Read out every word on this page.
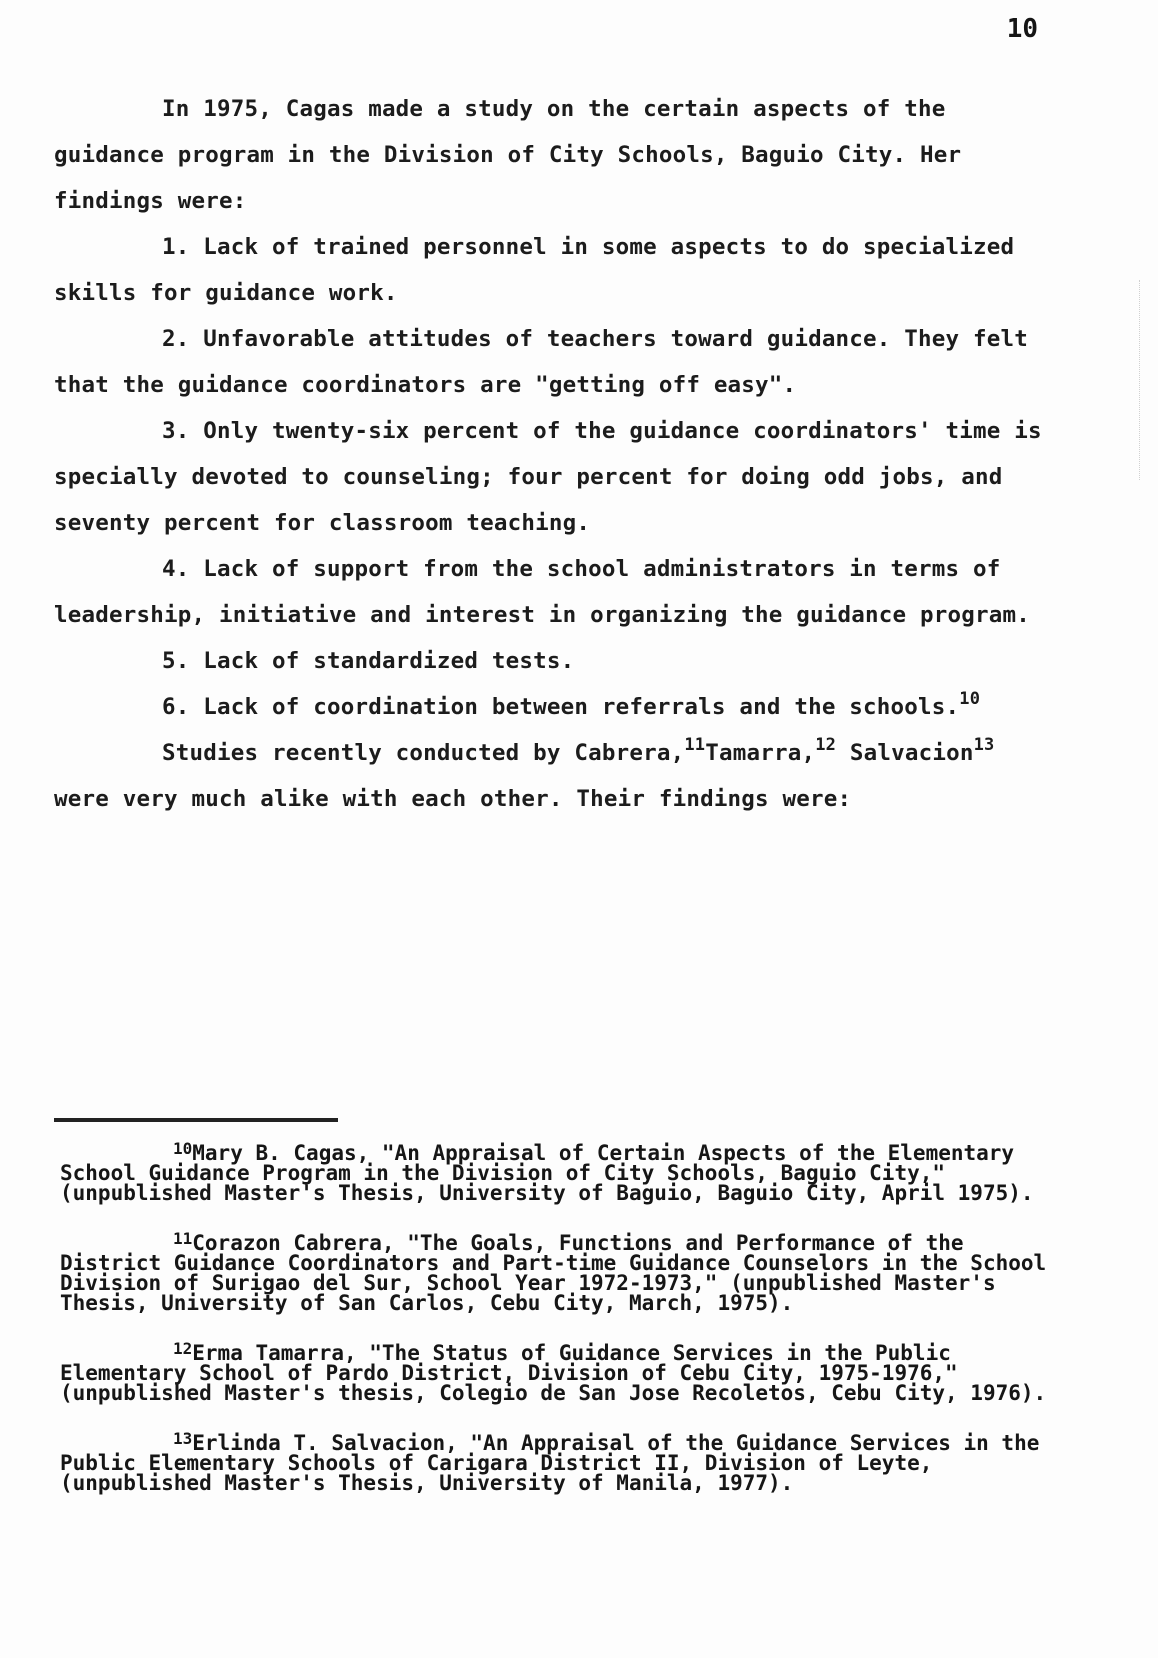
10

In 1975, Cagas made a study on the certain aspects of the guidance program in the Division of City Schools, Baguio City. Her findings were:

1. Lack of trained personnel in some aspects to do specialized skills for guidance work.

2. Unfavorable attitudes of teachers toward guidance. They felt that the guidance coordinators are "getting off easy".

3. Only twenty-six percent of the guidance coordinators' time is specially devoted to counseling; four percent for doing odd jobs, and seventy percent for classroom teaching.

4. Lack of support from the school administrators in terms of leadership, initiative and interest in organizing the guidance program.

5. Lack of standardized tests.

6. Lack of coordination between referrals and the schools.$^{10}$

Studies recently conducted by Cabrera,$^{11}$Tamarra,$^{12}$ Salvacion$^{13}$ were very much alike with each other. Their findings were:

$^{10}$Mary B. Cagas, "An Appraisal of Certain Aspects of the Elementary School Guidance Program in the Division of City Schools, Baguio City," (unpublished Master's Thesis, University of Baguio, Baguio City, April 1975).

$^{11}$Corazon Cabrera, "The Goals, Functions and Performance of the District Guidance Coordinators and Part-time Guidance Counselors in the School Division of Surigao del Sur, School Year 1972-1973," (unpublished Master's Thesis, University of San Carlos, Cebu City, March, 1975).

$^{12}$Erma Tamarra, "The Status of Guidance Services in the Public Elementary School of Pardo District, Division of Cebu City, 1975-1976," (unpublished Master's thesis, Colegio de San Jose Recoletos, Cebu City, 1976).

$^{13}$Erlinda T. Salvacion, "An Appraisal of the Guidance Services in the Public Elementary Schools of Carigara District II, Division of Leyte, (unpublished Master's Thesis, University of Manila, 1977).
